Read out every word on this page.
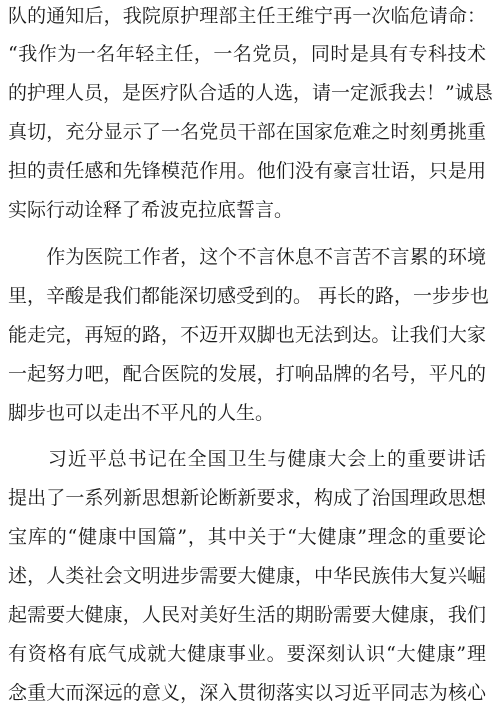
队的通知后，我院原护理部主任王维宁再一次临危请命：
“我作为一名年轻主任，一名党员，同时是具有专科技术
的护理人员，是医疗队合适的人选，请一定派我去！”诚恳
真切，充分显示了一名党员干部在国家危难之时刻勇挑重
担的责任感和先锋模范作用。他们没有豪言壮语，只是用
实际行动诠释了希波克拉底誓言。
　　作为医院工作者，这个不言休息不言苦不言累的环境
里，辛酸是我们都能深切感受到的。 再长的路，一步步也
能走完，再短的路，不迈开双脚也无法到达。让我们大家
一起努力吧，配合医院的发展，打响品牌的名号，平凡的
脚步也可以走出不平凡的人生。
　　习近平总书记在全国卫生与健康大会上的重要讲话
提出了一系列新思想新论断新要求，构成了治国理政思想
宝库的“健康中国篇”，其中关于“大健康”理念的重要论
述，人类社会文明进步需要大健康，中华民族伟大复兴崛
起需要大健康，人民对美好生活的期盼需要大健康，我们
有资格有底气成就大健康事业。要深刻认识“大健康”理
念重大而深远的意义，深入贯彻落实以习近平同志为核心
